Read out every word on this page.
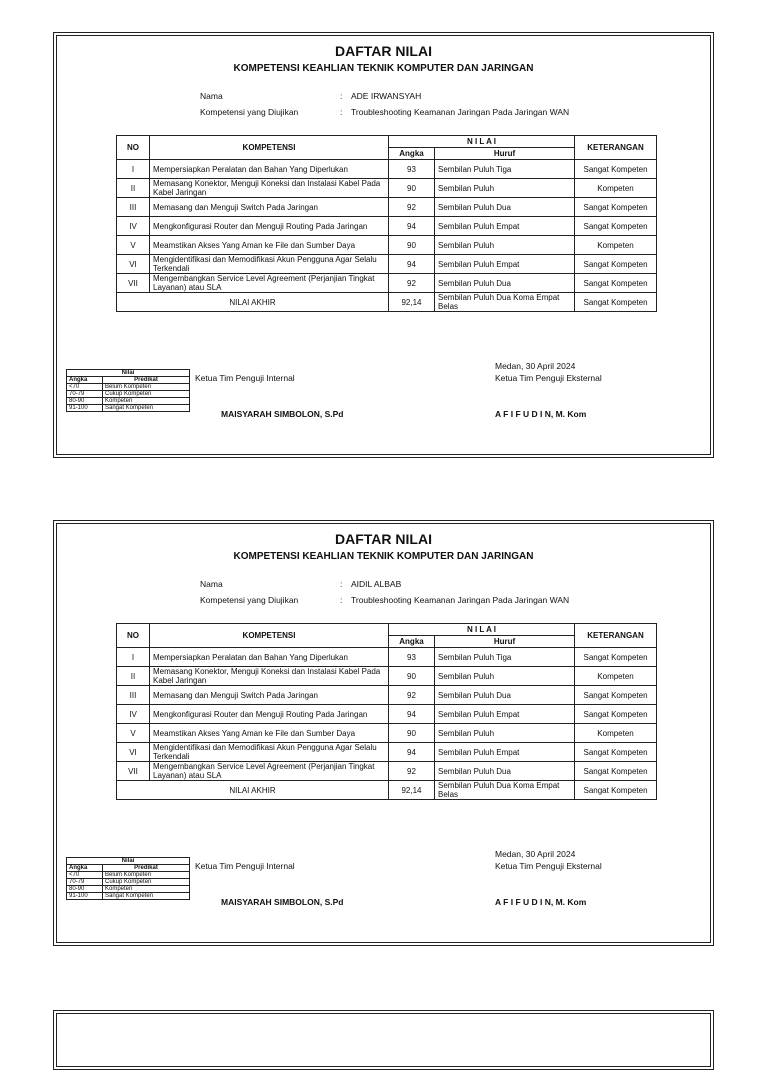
DAFTAR NILAI
KOMPETENSI KEAHLIAN TEKNIK KOMPUTER DAN JARINGAN
Nama	: ADE IRWANSYAH
Kompetensi yang Diujikan	: Troubleshooting Keamanan Jaringan Pada Jaringan WAN
NO	KOMPETENSI	N I L A I		KETERANGAN
		Angka	Huruf	
I	Mempersiapkan Peralatan dan Bahan Yang Diperlukan	93	Sembilan Puluh Tiga	Sangat Kompeten
II	Memasang Konektor, Menguji Koneksi dan Instalasi Kabel Pada Kabel Jaringan	90	Sembilan Puluh	Kompeten
III	Memasang dan Menguji Switch Pada Jaringan	92	Sembilan Puluh Dua	Sangat Kompeten
IV	Mengkonfigurasi Router dan Menguji Routing Pada Jaringan	94	Sembilan Puluh Empat	Sangat Kompeten
V	Meamstikan Akses Yang Aman ke File dan Sumber Daya	90	Sembilan Puluh	Kompeten
VI	Mengidentifikasi dan Memodifikasi Akun Pengguna Agar Selalu Terkendali	94	Sembilan Puluh Empat	Sangat Kompeten
VII	Mengembangkan Service Level Agreement (Perjanjian Tingkat Layanan) atau SLA	92	Sembilan Puluh Dua	Sangat Kompeten
NILAI AKHIR		92,14	Sembilan Puluh Dua Koma Empat Belas	Sangat Kompeten
Nilai	
Angka	Predikat
<70	Belum Kompeten
70-79	Cukup Kompeten
80-90	Kompeten
91-100	Sangat Kompeten
Ketua Tim Penguji Internal
MAISYARAH SIMBOLON, S.Pd
Medan, 30 April 2024
Ketua Tim Penguji Eksternal
A F I F U D I N, M. Kom
DAFTAR NILAI
KOMPETENSI KEAHLIAN TEKNIK KOMPUTER DAN JARINGAN
Nama	: AIDIL ALBAB
Kompetensi yang Diujikan	: Troubleshooting Keamanan Jaringan Pada Jaringan WAN
NO	KOMPETENSI	N I L A I		KETERANGAN
		Angka	Huruf	
I	Mempersiapkan Peralatan dan Bahan Yang Diperlukan	93	Sembilan Puluh Tiga	Sangat Kompeten
II	Memasang Konektor, Menguji Koneksi dan Instalasi Kabel Pada Kabel Jaringan	90	Sembilan Puluh	Kompeten
III	Memasang dan Menguji Switch Pada Jaringan	92	Sembilan Puluh Dua	Sangat Kompeten
IV	Mengkonfigurasi Router dan Menguji Routing Pada Jaringan	94	Sembilan Puluh Empat	Sangat Kompeten
V	Meamstikan Akses Yang Aman ke File dan Sumber Daya	90	Sembilan Puluh	Kompeten
VI	Mengidentifikasi dan Memodifikasi Akun Pengguna Agar Selalu Terkendali	94	Sembilan Puluh Empat	Sangat Kompeten
VII	Mengembangkan Service Level Agreement (Perjanjian Tingkat Layanan) atau SLA	92	Sembilan Puluh Dua	Sangat Kompeten
NILAI AKHIR		92,14	Sembilan Puluh Dua Koma Empat Belas	Sangat Kompeten
Nilai	
Angka	Predikat
<70	Belum Kompeten
70-79	Cukup Kompeten
80-90	Kompeten
91-100	Sangat Kompeten
Ketua Tim Penguji Internal
MAISYARAH SIMBOLON, S.Pd
Medan, 30 April 2024
Ketua Tim Penguji Eksternal
A F I F U D I N, M. Kom
